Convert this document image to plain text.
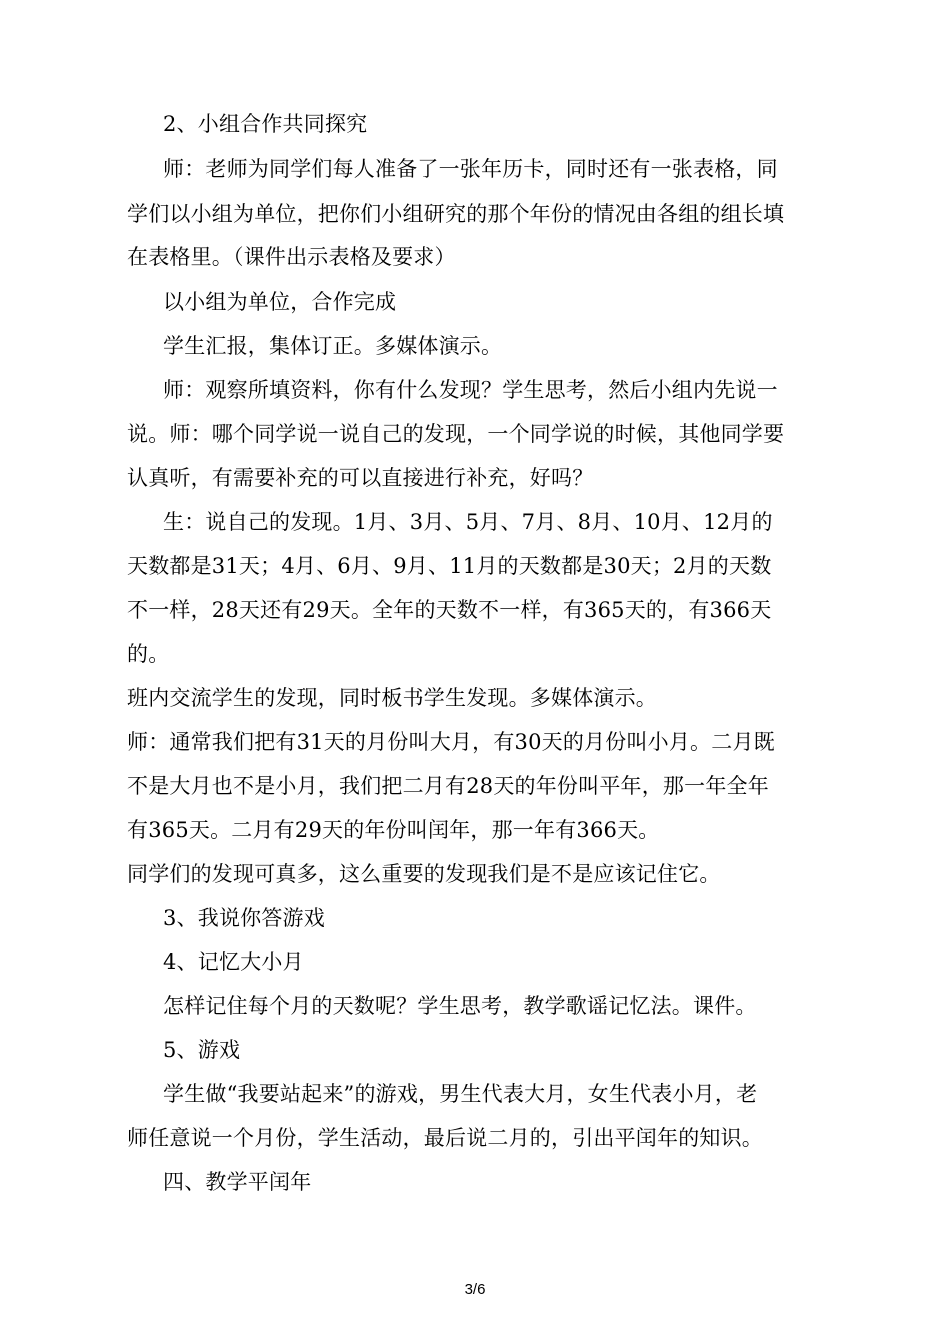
2、小组合作共同探究
师：老师为同学们每人准备了一张年历卡，同时还有一张表格，同
学们以小组为单位，把你们小组研究的那个年份的情况由各组的组长填
在表格里。（课件出示表格及要求）
以小组为单位，合作完成
学生汇报，集体订正。多媒体演示。
师：观察所填资料，你有什么发现？学生思考，然后小组内先说一
说。师：哪个同学说一说自己的发现，一个同学说的时候，其他同学要
认真听，有需要补充的可以直接进行补充，好吗？
生：说自己的发现。1月、3月、5月、7月、8月、10月、12月的
天数都是31天；4月、6月、9月、11月的天数都是30天；2月的天数
不一样，28天还有29天。全年的天数不一样，有365天的，有366天
的。
班内交流学生的发现，同时板书学生发现。多媒体演示。
师：通常我们把有31天的月份叫大月，有30天的月份叫小月。二月既
不是大月也不是小月，我们把二月有28天的年份叫平年，那一年全年
有365天。二月有29天的年份叫闰年，那一年有366天。
同学们的发现可真多，这么重要的发现我们是不是应该记住它。
3、我说你答游戏
4、记忆大小月
怎样记住每个月的天数呢？学生思考，教学歌谣记忆法。课件。
5、游戏
学生做“我要站起来”的游戏，男生代表大月，女生代表小月，老
师任意说一个月份，学生活动，最后说二月的，引出平闰年的知识。
四、教学平闰年
3/6
